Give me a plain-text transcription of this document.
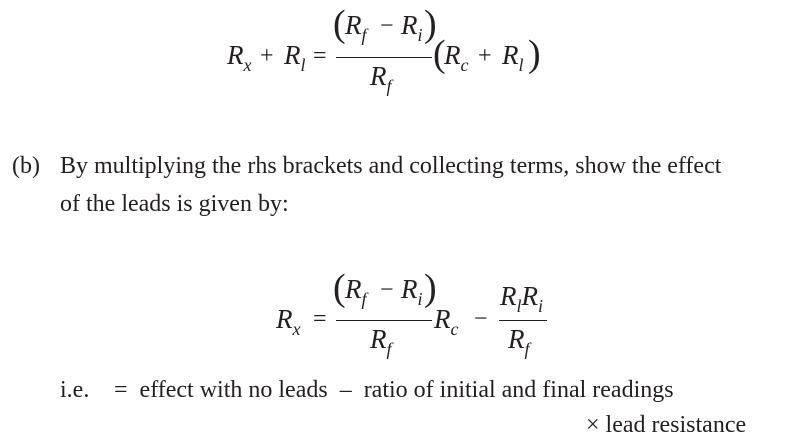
Rx + Rl =
( Rf − Ri )
Rf
(
Rc + Rl )
(b) By multiplying the rhs brackets and collecting terms, show the effect
of the leads is given by:
Rx =
( Rf − Ri )
Rf
Rc −
RlRi
Rf
i.e. =  effect with no leads  –  ratio of initial and final readings
× lead resistance
